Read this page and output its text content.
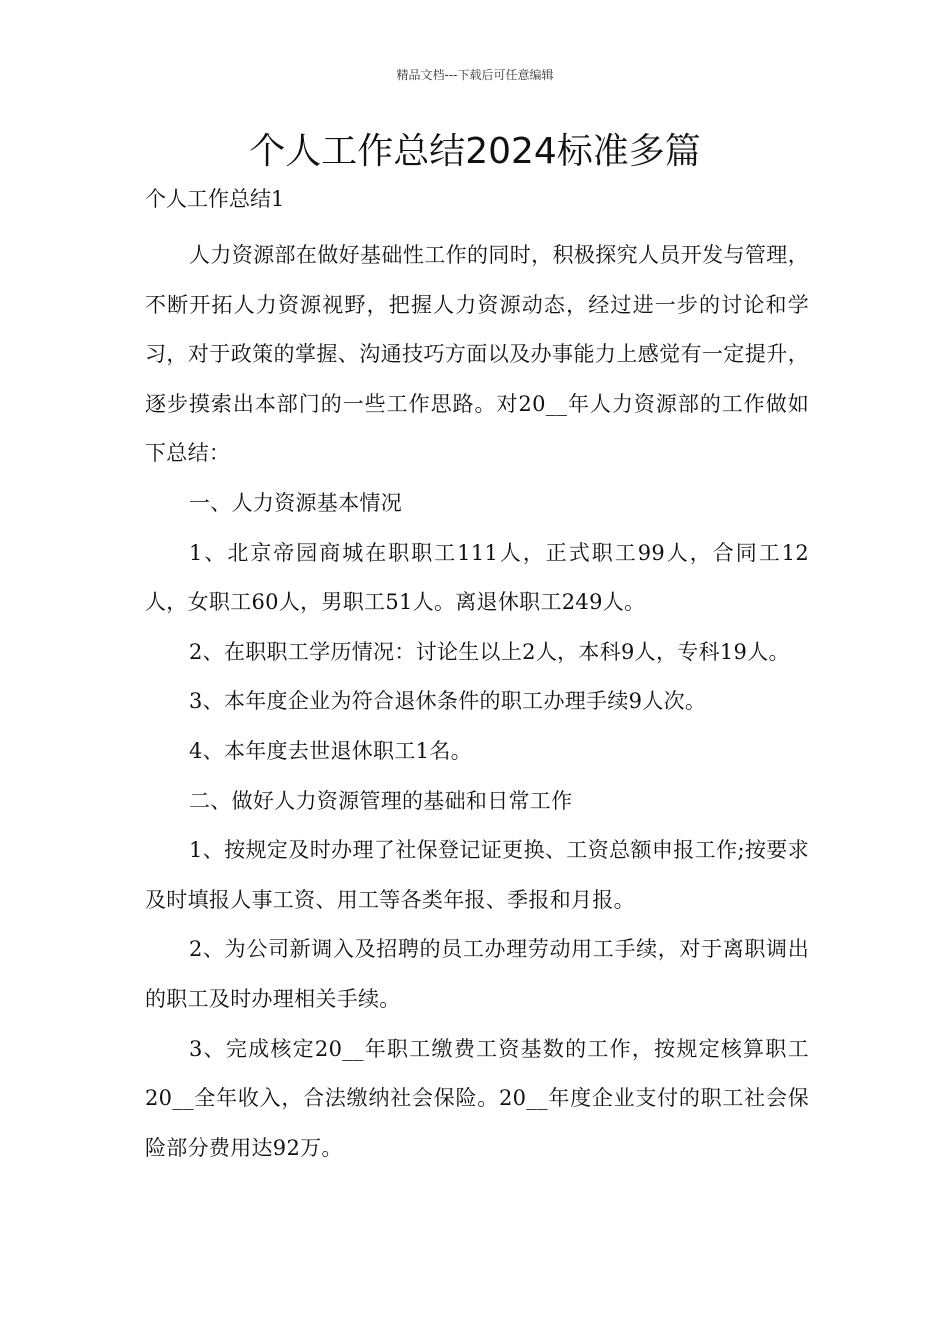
精品文档---下载后可任意编辑
个人工作总结2024标准多篇
个人工作总结1

人力资源部在做好基础性工作的同时，积极探究人员开发与管理，不断开拓人力资源视野，把握人力资源动态，经过进一步的讨论和学习，对于政策的掌握、沟通技巧方面以及办事能力上感觉有一定提升，逐步摸索出本部门的一些工作思路。对20__年人力资源部的工作做如下总结：

一、人力资源基本情况

1、北京帝园商城在职职工111人，正式职工99人，合同工12人，女职工60人，男职工51人。离退休职工249人。

2、在职职工学历情况：讨论生以上2人，本科9人，专科19人。

3、本年度企业为符合退休条件的职工办理手续9人次。

4、本年度去世退休职工1名。

二、做好人力资源管理的基础和日常工作

1、按规定及时办理了社保登记证更换、工资总额申报工作;按要求及时填报人事工资、用工等各类年报、季报和月报。

2、为公司新调入及招聘的员工办理劳动用工手续，对于离职调出的职工及时办理相关手续。

3、完成核定20__年职工缴费工资基数的工作，按规定核算职工20__全年收入，合法缴纳社会保险。20__年度企业支付的职工社会保险部分费用达92万。
